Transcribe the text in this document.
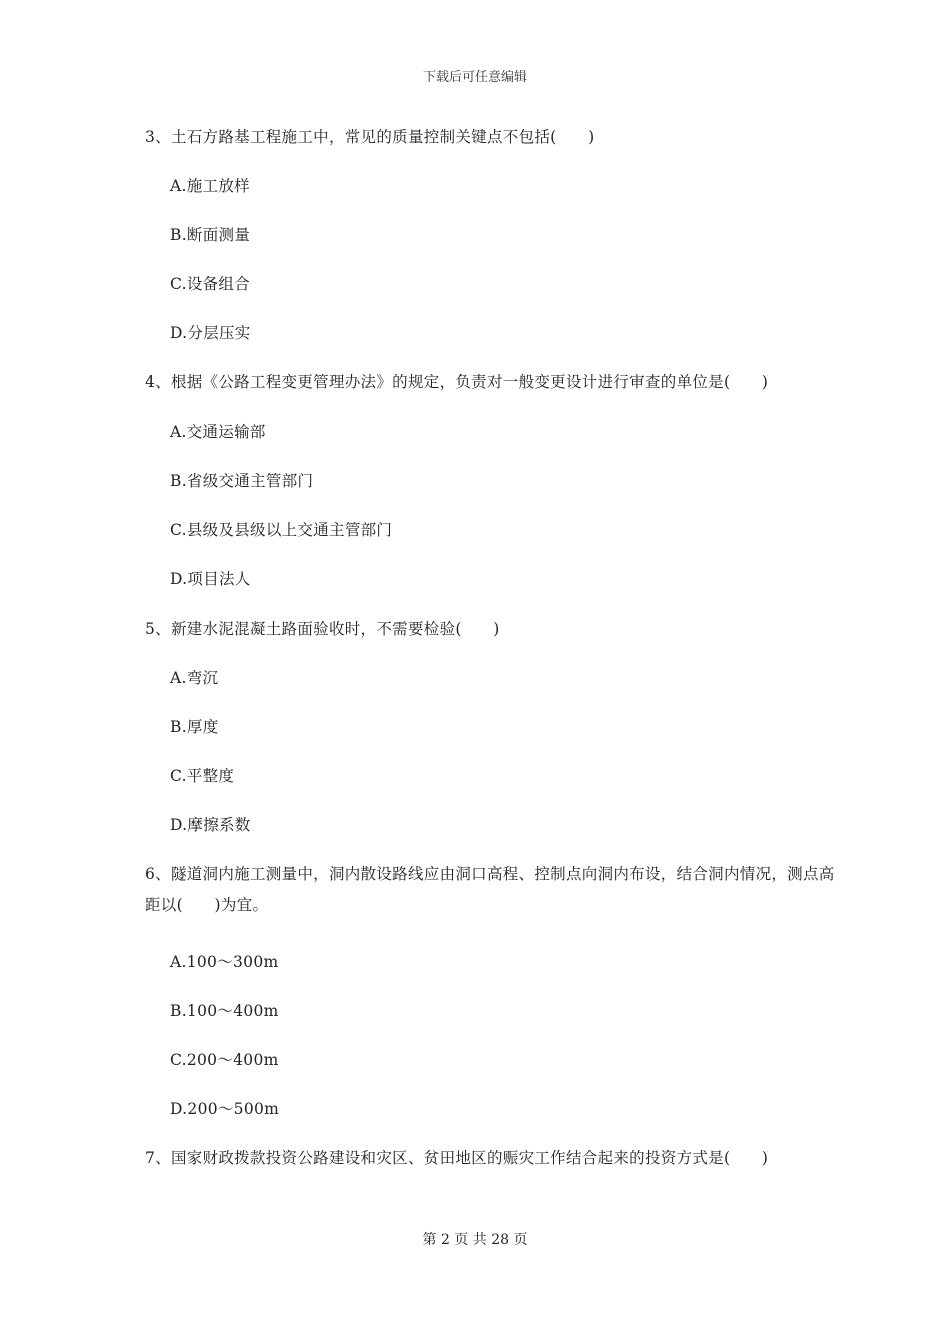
下载后可任意编辑
3、土石方路基工程施工中，常见的质量控制关键点不包括(　　)
A.施工放样
B.断面测量
C.设备组合
D.分层压实
4、根据《公路工程变更管理办法》的规定，负责对一般变更设计进行审查的单位是(　　)
A.交通运输部
B.省级交通主管部门
C.县级及县级以上交通主管部门
D.项目法人
5、新建水泥混凝土路面验收时，不需要检验(　　)
A.弯沉
B.厚度
C.平整度
D.摩擦系数
6、隧道洞内施工测量中，洞内散设路线应由洞口高程、控制点向洞内布设，结合洞内情况，测点高距以(　　)为宜。
A.100～300m
B.100～400m
C.200～400m
D.200～500m
7、国家财政拨款投资公路建设和灾区、贫田地区的赈灾工作结合起来的投资方式是(　　)
第 2 页 共 28 页
